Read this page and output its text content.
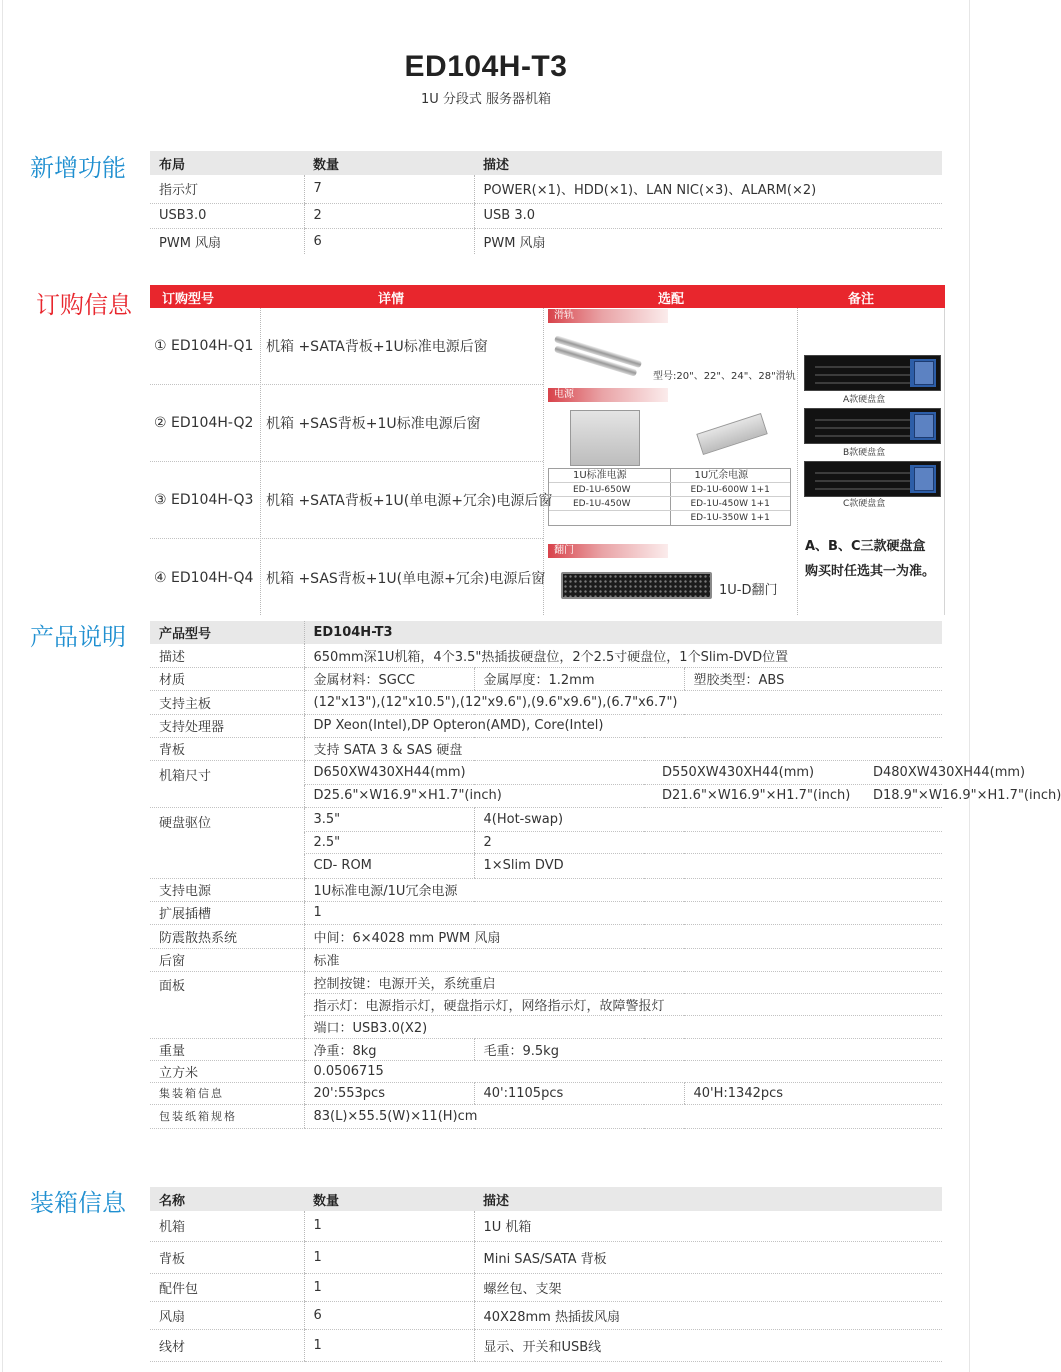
ED104H-T3
1U 分段式 服务器机箱
新增功能	布局	数量	描述
指示灯	7	POWER(×1)、HDD(×1)、LAN NIC(×3)、ALARM(×2)
USB3.0	2	USB 3.0
PWM 风扇	6	PWM 风扇
订购信息 订购型号	详情	选配	备注
① ED104H-Q1 机箱 +SATA背板+1U标准电源后窗
② ED104H-Q2 机箱 +SAS背板+1U标准电源后窗
③ ED104H-Q3 机箱 +SATA背板+1U(单电源+冗余)电源后窗
④ ED104H-Q4 机箱 +SAS背板+1U(单电源+冗余)电源后窗
滑轨
型号:20"、22"、24"、28"滑轨
电源
1U标准电源	1U冗余电源
ED-1U-650W	ED-1U-600W 1+1
ED-1U-450W	ED-1U-450W 1+1
ED-1U-350W 1+1
翻门
1U-D翻门
A款硬盘盒
B款硬盘盒
C款硬盘盒
A、B、C三款硬盘盒
购买时任选其一为准。
产品说明	产品型号	ED104H-T3			
描述	650mm深1U机箱，4个3.5"热插拔硬盘位，2个2.5寸硬盘位，1个Slim-DVD位置			
材质	金属材料：SGCC	金属厚度：1.2mm		塑胶类型：ABS
支持主板	(12"x13"),(12"x10.5"),(12"x9.6"),(9.6"x9.6"),(6.7"x6.7")			
支持处理器	DP Xeon(Intel),DP Opteron(AMD), Core(Intel)			
背板	支持 SATA 3 & SAS 硬盘			
机箱尺寸	D650XW430XH44(mm)		D550XW430XH44(mm) D480XW430XH44(mm)	
	D25.6"×W16.9"×H1.7"(inch)		D21.6"×W16.9"×H1.7"(inch) D18.9"×W16.9"×H1.7"(inch)	
硬盘驱位	3.5"	4(Hot-swap)		
	2.5"	2		
	CD- ROM	1×Slim DVD		
支持电源	1U标准电源/1U冗余电源			
扩展插槽	1			
防震散热系统	中间：6×4028 mm PWM 风扇			
后窗	标准			
面板	控制按键：电源开关，系统重启			
	指示灯：电源指示灯，硬盘指示灯，网络指示灯，故障警报灯			
	端口：USB3.0(X2)			
重量	净重：8kg	毛重：9.5kg		
立方米	0.0506715			
集装箱信息	20':553pcs	40':1105pcs		40'H:1342pcs
包装纸箱规格	83(L)×55.5(W)×11(H)cm			
装箱信息	名称	数量	描述
机箱	1	1U 机箱
背板	1	Mini SAS/SATA 背板
配件包	1	螺丝包、支架
风扇	6	40X28mm 热插拔风扇
线材	1	显示、开关和USB线
